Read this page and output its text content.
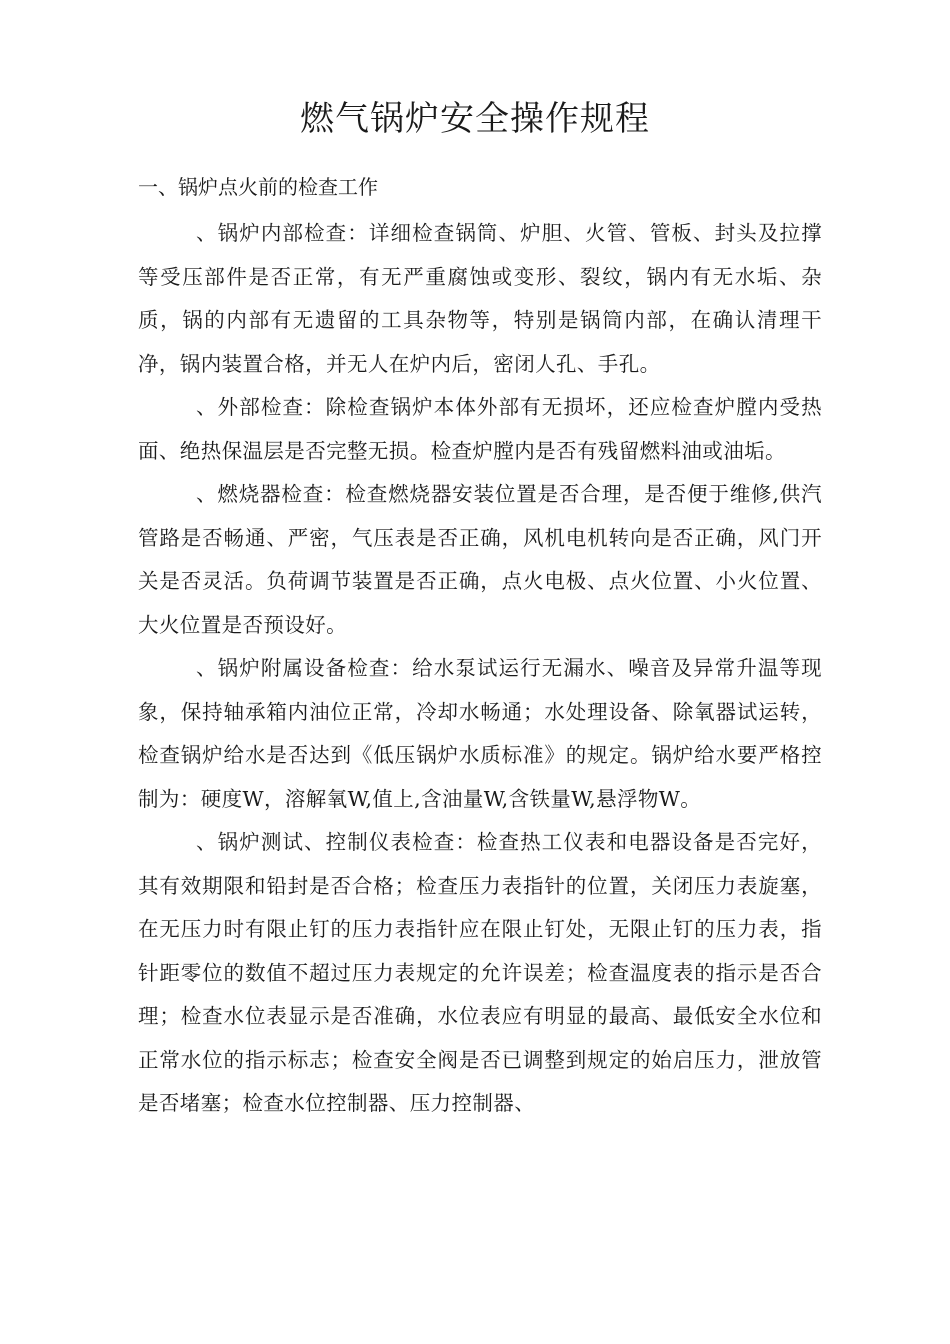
燃气锅炉安全操作规程
一、锅炉点火前的检查工作

、锅炉内部检查：详细检查锅筒、炉胆、火管、管板、封头及拉撑等受压部件是否正常，有无严重腐蚀或变形、裂纹，锅内有无水垢、杂质，锅的内部有无遗留的工具杂物等，特别是锅筒内部，在确认清理干净，锅内装置合格，并无人在炉内后，密闭人孔、手孔。

、外部检查：除检查锅炉本体外部有无损坏，还应检查炉膛内受热面、绝热保温层是否完整无损。检查炉膛内是否有残留燃料油或油垢。

、燃烧器检查：检查燃烧器安装位置是否合理，是否便于维修,供汽管路是否畅通、严密，气压表是否正确，风机电机转向是否正确，风门开关是否灵活。负荷调节装置是否正确，点火电极、点火位置、小火位置、大火位置是否预设好。

、锅炉附属设备检查：给水泵试运行无漏水、噪音及异常升温等现象，保持轴承箱内油位正常，冷却水畅通；水处理设备、除氧器试运转，检查锅炉给水是否达到《低压锅炉水质标准》的规定。锅炉给水要严格控制为：硬度W，溶解氧W,值上,含油量W,含铁量W,悬浮物W。

、锅炉测试、控制仪表检查：检查热工仪表和电器设备是否完好，其有效期限和铅封是否合格；检查压力表指针的位置，关闭压力表旋塞，在无压力时有限止钉的压力表指针应在限止钉处，无限止钉的压力表，指针距零位的数值不超过压力表规定的允许误差；检查温度表的指示是否合理；检查水位表显示是否准确，水位表应有明显的最高、最低安全水位和正常水位的指示标志；检查安全阀是否已调整到规定的始启压力，泄放管是否堵塞；检查水位控制器、压力控制器、
